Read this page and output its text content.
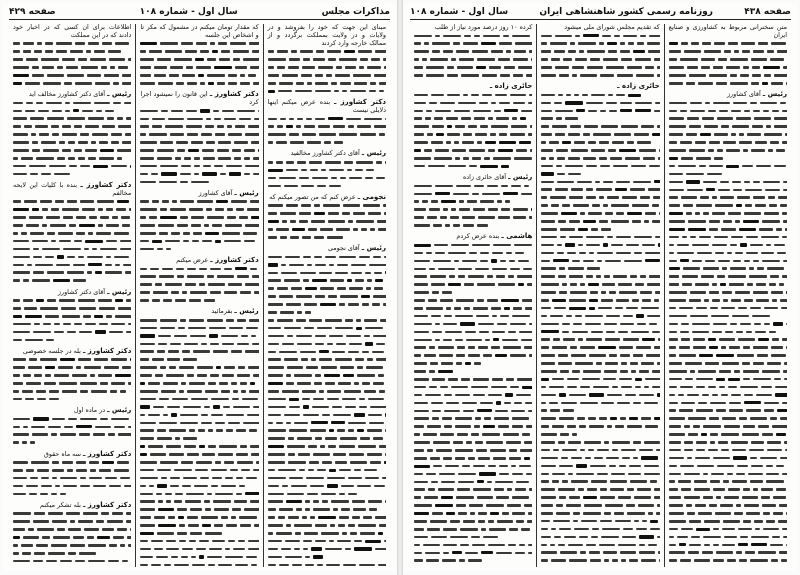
مذاکرات مجلس
سال اول - شماره ۱۰۸
صفحه ۴۲۹

مبنای این جهت که خود را بفروشد و در ولایات و در ولایت بمملکت برگردد و از ممالک خارجه وارد کردند

دکتر کشاورز ـ بنده عرض میکنم اینها دلایلی نیست

رئیس ـ آقای دکتر کشاورز مخالفید

نجومی ـ عرض کنم که من تصور میکنم که

رئیس ـ آقای نجومی

که مقدار تومان میکنم در مشمول که مکر تا و اشخاص این جلسه

دکتر کشاورز ـ این قانون را نمیشود اجرا کرد

رئیس ـ آقای کشاورز

دکتر کشاورز ـ عرض میکنم

رئیس ـ بفرمائید

اطلاعات برای آن کسی که در اخبار خود دادند که در این مملکت

رئیس ـ آقای دکتر کشاورز مخالف اید

دکتر کشاورز ـ بنده با کلیات این لایحه مخالفم

رئیس ـ آقای دکتر کشاورز

دکتر کشاورز ـ بله در جلسه خصوصی

رئیس ـ در ماده اول

دکتر کشاورز ـ سه ماه حقوق

دکتر کشاورز ـ بله تشکر میکنم

صفحه ۴۳۸
روزنامه رسمی کشور شاهنشاهی ایران
سال اول - شماره ۱۰۸

متن سخنرانی مربوط به کشاورزی و صنایع ایران

رئیس ـ آقای کشاورز

که تقدیم مجلس شورای ملی میشود

حائری زاده ـ

کرده ۱۰ روز درصد مورد نیاز از طلب

حائری زاده ـ

رئیس ـ آقای حائری زاده

هاشمی ـ بنده عرض کردم
